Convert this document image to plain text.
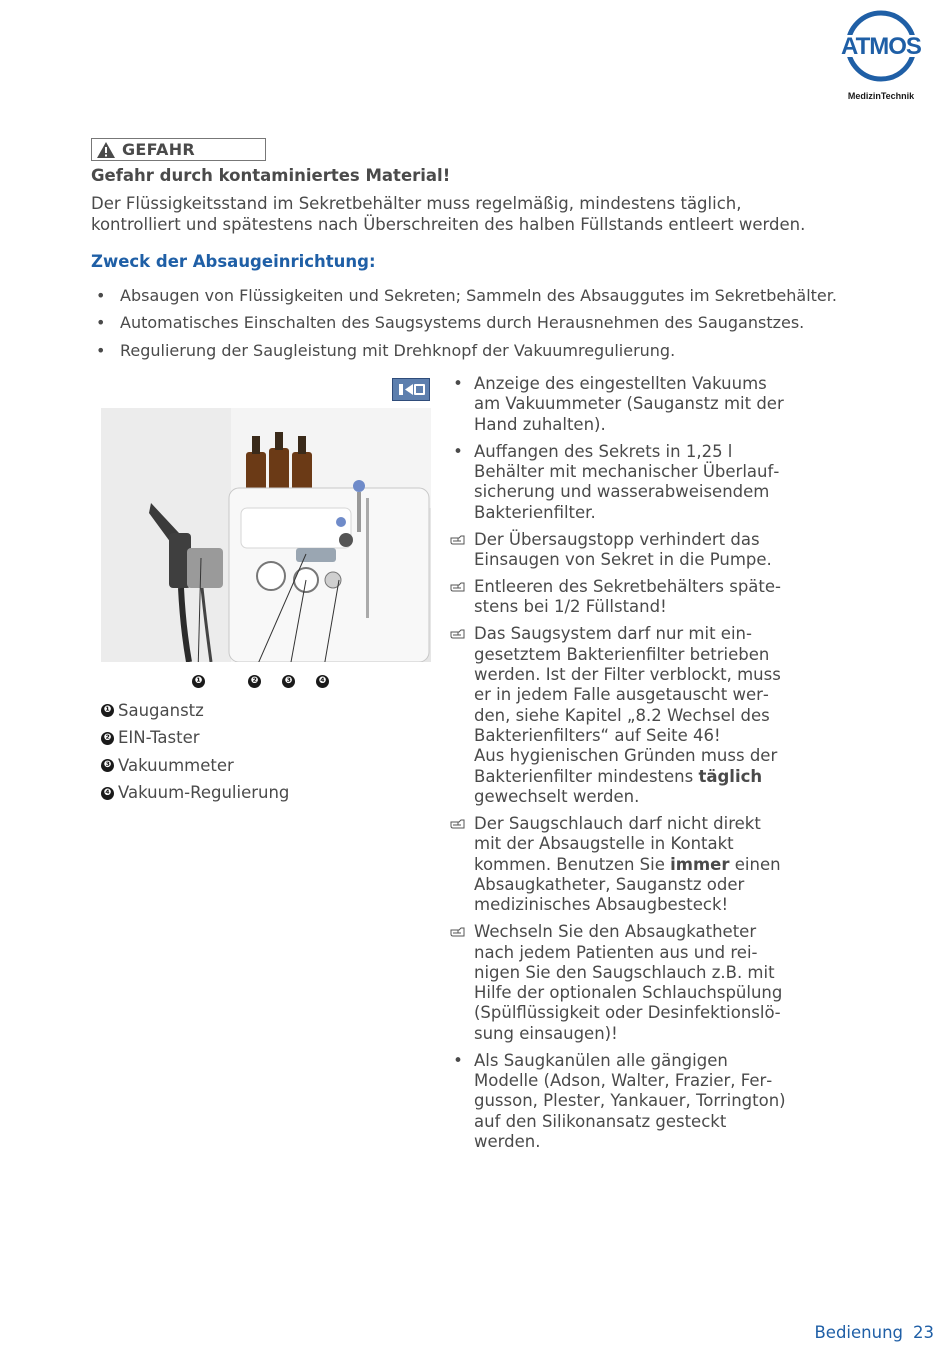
ATMOS
MedizinTechnik
GEFAHR
Gefahr durch kontaminiertes Material!
Der Flüssigkeitsstand im Sekretbehälter muss regelmäßig, mindestens täglich, kontrolliert und spätestens nach Überschreiten des halben Füllstands entleert werden.
Zweck der Absaugeinrichtung:
• Absaugen von Flüssigkeiten und Sekreten; Sammeln des Absauggutes im Sekretbehälter.
• Automatisches Einschalten des Saugsystems durch Herausnehmen des Sauganstzes.
• Regulierung der Saugleistung mit Drehknopf der Vakuumregulierung.
❶	❷	❸	❹
❶ Sauganstz
❷ EIN-Taster
❸ Vakuummeter
❹ Vakuum-Regulierung
• Anzeige des eingestellten Vakuums am Vakuummeter (Sauganstz mit der Hand zuhalten).
• Auffangen des Sekrets in 1,25 l Behälter mit mechanischer Überlaufsicherung und wasserabweisendem Bakterienfilter.
Der Übersaugstopp verhindert das Einsaugen von Sekret in die Pumpe.
Entleeren des Sekretbehälters spätestens bei 1/2 Füllstand!
Das Saugsystem darf nur mit eingesetztem Bakterienfilter betrieben werden. Ist der Filter verblockt, muss er in jedem Falle ausgetauscht werden, siehe Kapitel „8.2 Wechsel des Bakterienfilters“ auf Seite 46!
Aus hygienischen Gründen muss der Bakterienfilter mindestens täglich gewechselt werden.
Der Saugschlauch darf nicht direkt mit der Absaugstelle in Kontakt kommen. Benutzen Sie immer einen Absaugkatheter, Sauganstz oder medizinisches Absaugbesteck!
Wechseln Sie den Absaugkatheter nach jedem Patienten aus und reinigen Sie den Saugschlauch z.B. mit Hilfe der optionalen Schlauchspülung (Spülflüssigkeit oder Desinfektionslösung einsaugen)!
• Als Saugkanülen alle gängigen Modelle (Adson, Walter, Frazier, Fergusson, Plester, Yankauer, Torrington) auf den Silikonansatz gesteckt werden.
Bedienung 23
